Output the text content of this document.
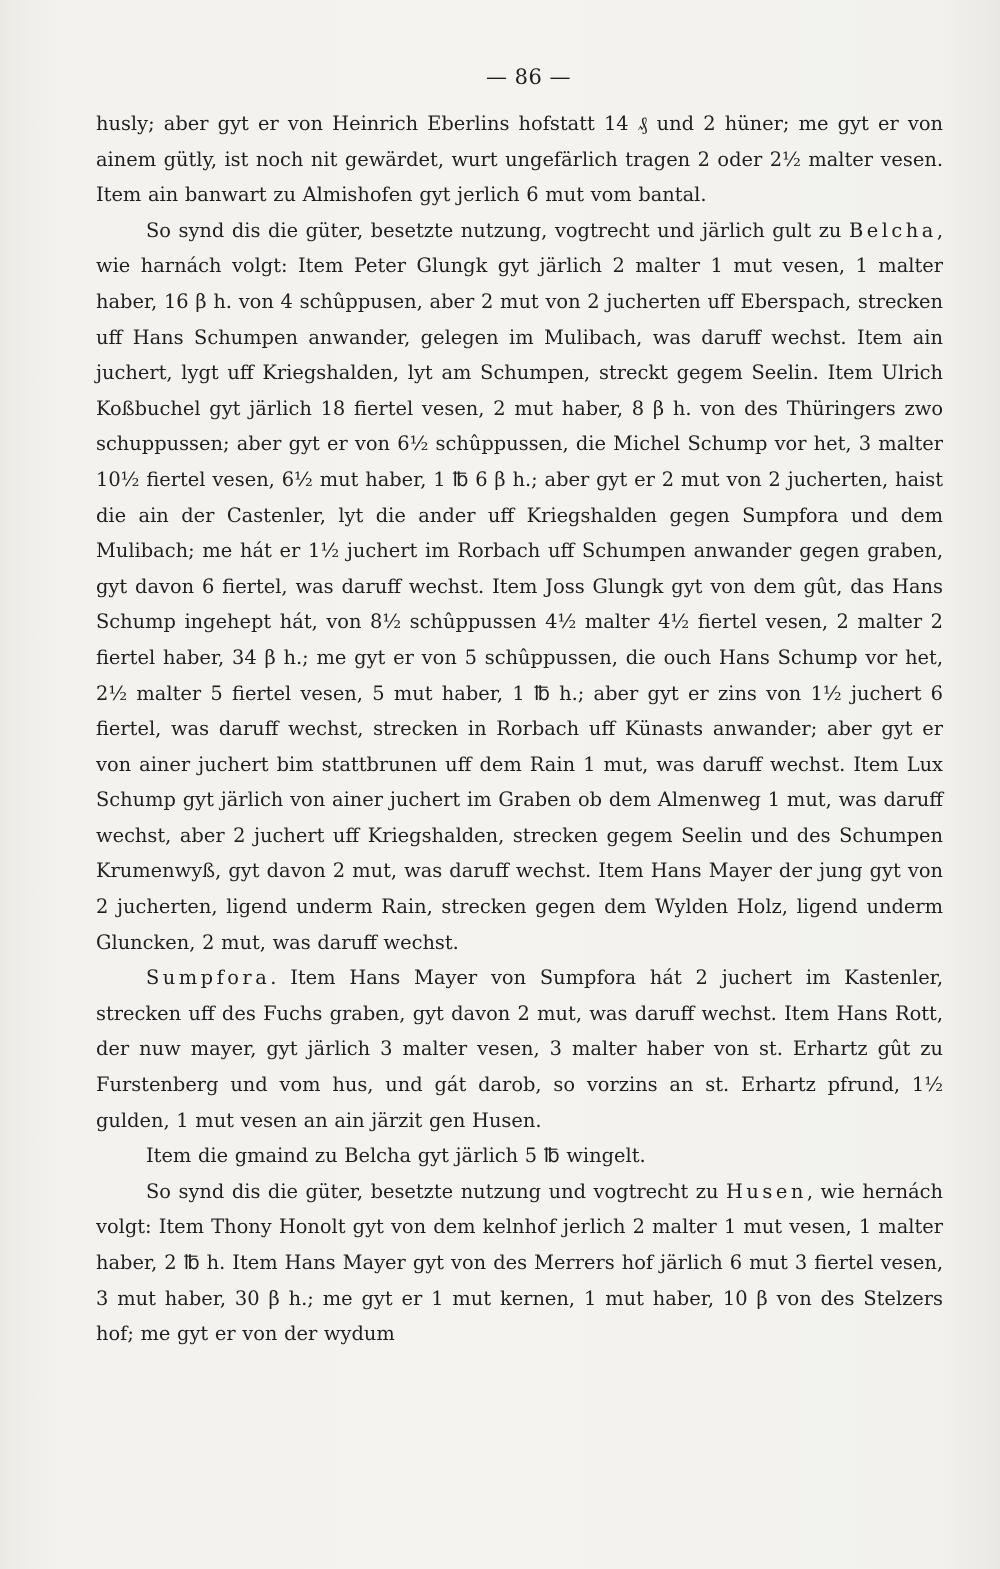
— 86 —

husly; aber gyt er von Heinrich Eberlins hofstatt 14 ₰ und 2 hüner; me gyt er von ainem gütly, ist noch nit gewärdet, wurt ungefärlich tragen 2 oder 2½ malter vesen. Item ain banwart zu Almishofen gyt jerlich 6 mut vom bantal.

So synd dis die güter, besetzte nutzung, vogtrecht und järlich gult zu Belcha, wie harnách volgt: Item Peter Glungk gyt järlich 2 malter 1 mut vesen, 1 malter haber, 16 β h. von 4 schûppusen, aber 2 mut von 2 jucherten uff Eberspach, strecken uff Hans Schumpen anwander, gelegen im Mulibach, was daruff wechst. Item ain juchert, lygt uff Kriegshalden, lyt am Schumpen, streckt gegem Seelin. Item Ulrich Koßbuchel gyt järlich 18 fiertel vesen, 2 mut haber, 8 β h. von des Thüringers zwo schuppussen; aber gyt er von 6½ schûppussen, die Michel Schump vor het, 3 malter 10½ fiertel vesen, 6½ mut haber, 1 ℔ 6 β h.; aber gyt er 2 mut von 2 jucherten, haist die ain der Castenler, lyt die ander uff Kriegshalden gegen Sumpfora und dem Mulibach; me hát er 1½ juchert im Rorbach uff Schumpen anwander gegen graben, gyt davon 6 fiertel, was daruff wechst. Item Joss Glungk gyt von dem gût, das Hans Schump ingehept hát, von 8½ schûppussen 4½ malter 4½ fiertel vesen, 2 malter 2 fiertel haber, 34 β h.; me gyt er von 5 schûppussen, die ouch Hans Schump vor het, 2½ malter 5 fiertel vesen, 5 mut haber, 1 ℔ h.; aber gyt er zins von 1½ juchert 6 fiertel, was daruff wechst, strecken in Rorbach uff Künasts anwander; aber gyt er von ainer juchert bim stattbrunen uff dem Rain 1 mut, was daruff wechst. Item Lux Schump gyt järlich von ainer juchert im Graben ob dem Almenweg 1 mut, was daruff wechst, aber 2 juchert uff Kriegshalden, strecken gegem Seelin und des Schumpen Krumenwyß, gyt davon 2 mut, was daruff wechst. Item Hans Mayer der jung gyt von 2 jucherten, ligend underm Rain, strecken gegen dem Wylden Holz, ligend underm Gluncken, 2 mut, was daruff wechst.

Sumpfora. Item Hans Mayer von Sumpfora hát 2 juchert im Kastenler, strecken uff des Fuchs graben, gyt davon 2 mut, was daruff wechst. Item Hans Rott, der nuw mayer, gyt järlich 3 malter vesen, 3 malter haber von st. Erhartz gût zu Furstenberg und vom hus, und gát darob, so vorzins an st. Erhartz pfrund, 1½ gulden, 1 mut vesen an ain järzit gen Husen.

Item die gmaind zu Belcha gyt järlich 5 ℔ wingelt.

So synd dis die güter, besetzte nutzung und vogtrecht zu Husen, wie hernách volgt: Item Thony Honolt gyt von dem kelnhof jerlich 2 malter 1 mut vesen, 1 malter haber, 2 ℔ h. Item Hans Mayer gyt von des Merrers hof järlich 6 mut 3 fiertel vesen, 3 mut haber, 30 β h.; me gyt er 1 mut kernen, 1 mut haber, 10 β von des Stelzers hof; me gyt er von der wydum
